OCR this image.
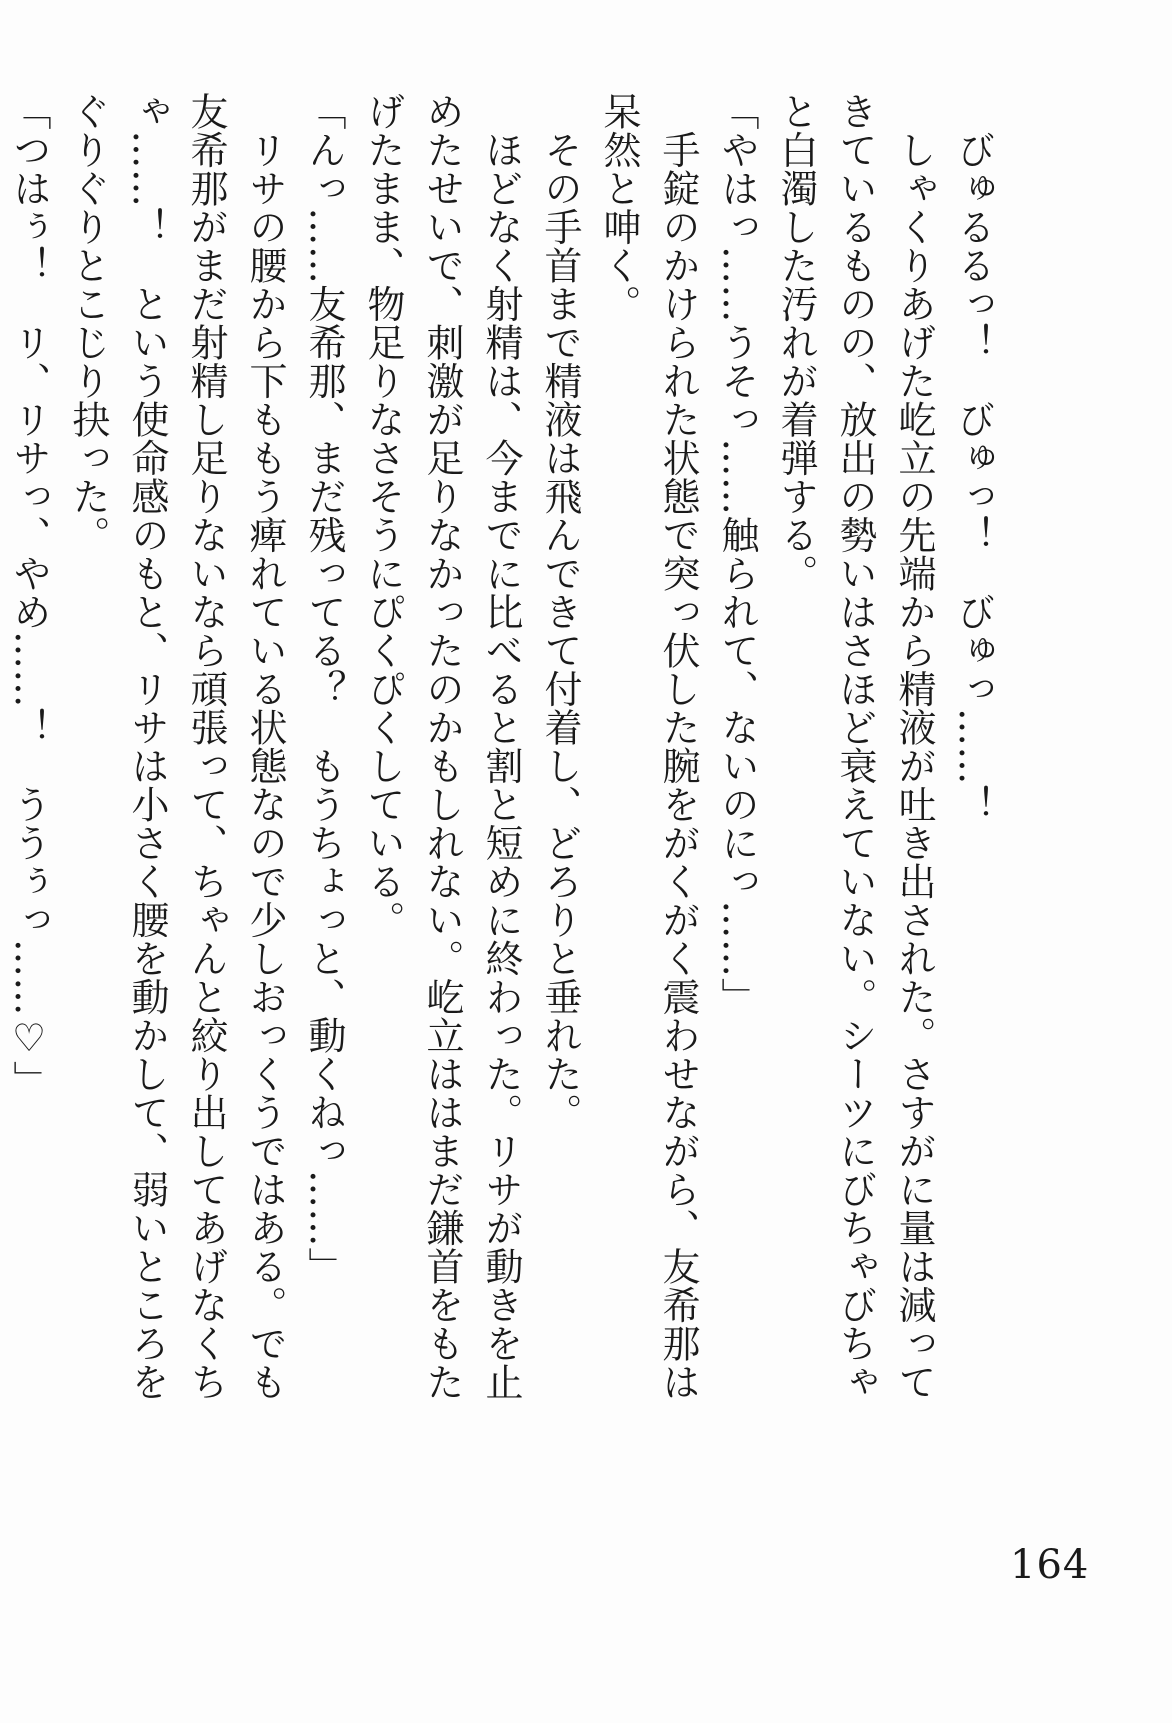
　びゅるるっ！　びゅっ！　びゅっ……！

　しゃくりあげた屹立の先端から精液が吐き出された。さすがに量は減ってきているものの、放出の勢いはさほど衰えていない。シーツにびちゃびちゃと白濁した汚れが着弾する。

「やはっ……うそっ……触られて、ないのにっ……」

　手錠のかけられた状態で突っ伏した腕をがくがく震わせながら、友希那は呆然と呻く。

　その手首まで精液は飛んできて付着し、どろりと垂れた。

　ほどなく射精は、今までに比べると割と短めに終わった。リサが動きを止めたせいで、刺激が足りなかったのかもしれない。屹立ははまだ鎌首をもたげたまま、物足りなさそうにぴくぴくしている。

「んっ……友希那、まだ残ってる？　もうちょっと、動くねっ……」

　リサの腰から下ももう痺れている状態なので少しおっくうではある。でも友希那がまだ射精し足りないなら頑張って、ちゃんと絞り出してあげなくちゃ……！　という使命感のもと、リサは小さく腰を動かして、弱いところをぐりぐりとこじり抉った。

「つはぅ！　リ、リサっ、やめ……！　ううぅっ……♡」

164
